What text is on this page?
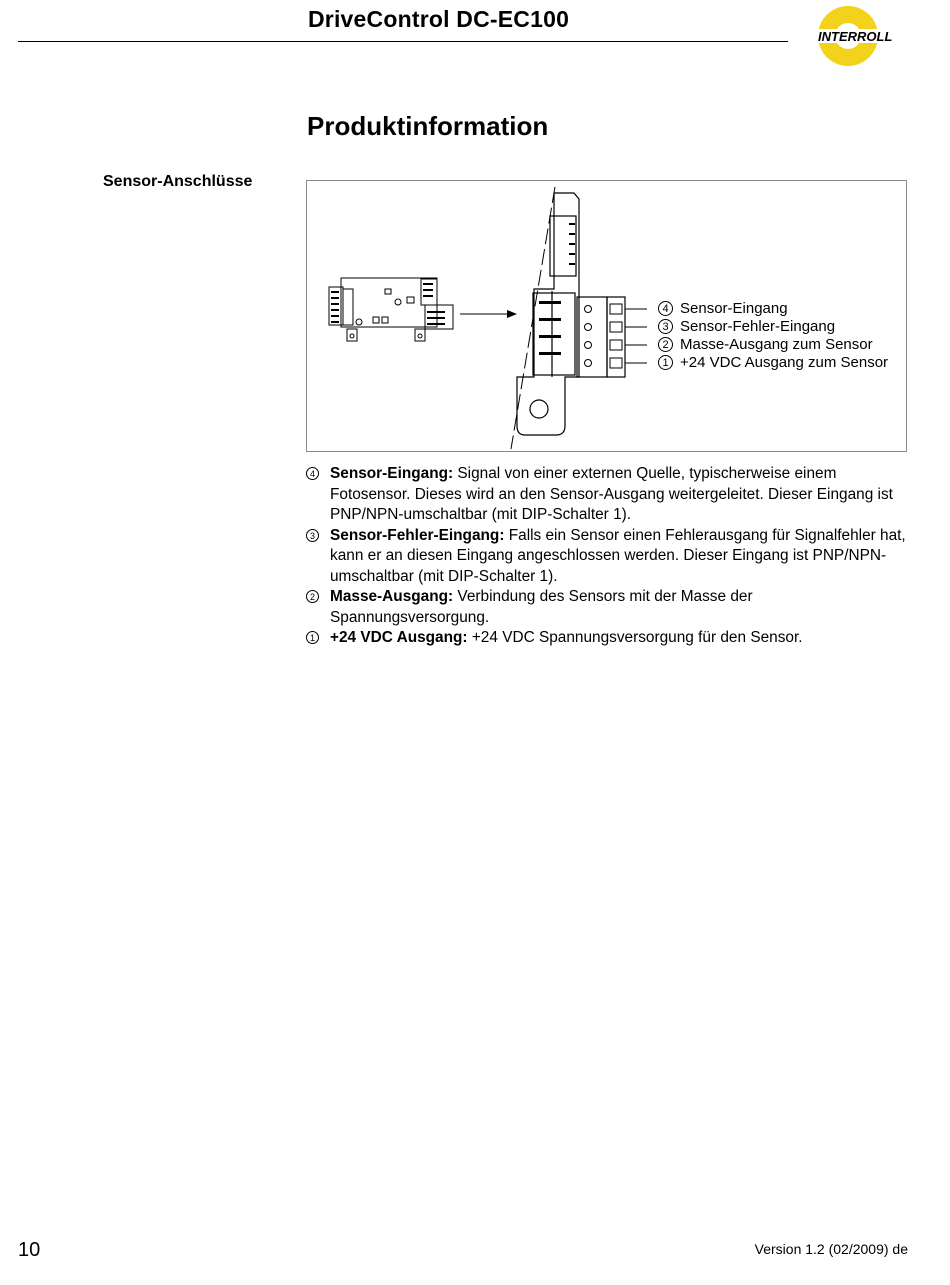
DriveControl DC-EC100
INTERROLL
Produktinformation
Sensor-Anschlüsse
4 Sensor-Eingang
3 Sensor-Fehler-Eingang
2 Masse-Ausgang zum Sensor
1 +24 VDC Ausgang zum Sensor
4 Sensor-Eingang: Signal von einer externen Quelle, typischerweise einem Fotosensor. Dieses wird an den Sensor-Ausgang weitergeleitet. Dieser Eingang ist PNP/NPN-umschaltbar (mit DIP-Schalter 1).
3 Sensor-Fehler-Eingang: Falls ein Sensor einen Fehlerausgang für Signalfehler hat, kann er an diesen Eingang angeschlossen werden. Dieser Eingang ist PNP/NPN-umschaltbar (mit DIP-Schalter 1).
2 Masse-Ausgang: Verbindung des Sensors mit der Masse der Spannungsversorgung.
1 +24 VDC Ausgang: +24 VDC Spannungsversorgung für den Sensor.
10	Version 1.2 (02/2009) de
